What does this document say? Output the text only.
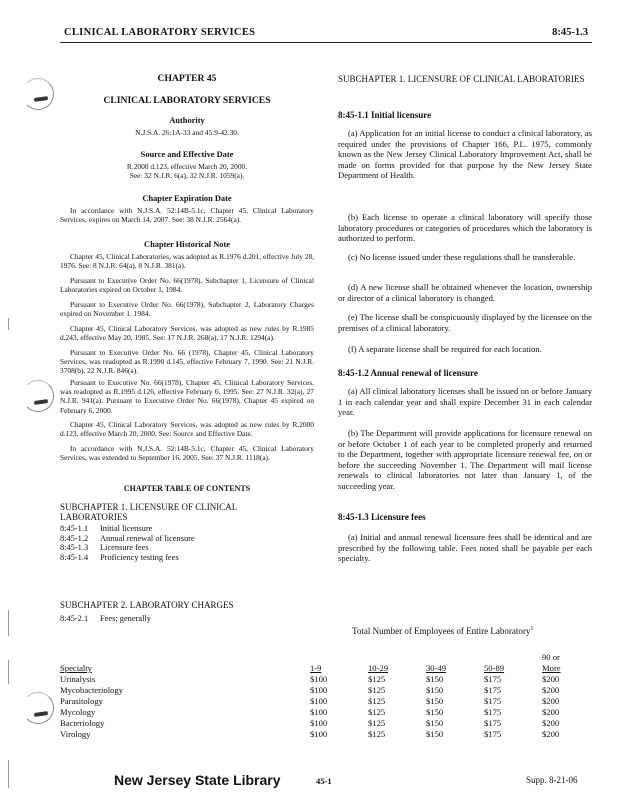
CLINICAL LABORATORY SERVICES	8:45-1.3
CHAPTER 45
CLINICAL LABORATORY SERVICES
Authority
N.J.S.A. 26:1A-33 and 45:9-42.30.
Source and Effective Date
R.2000 d.123, effective March 20, 2000.
See: 32 N.J.R. 6(a), 32 N.J.R. 1059(a).
Chapter Expiration Date
In accordance with N.J.S.A. 52:14B-5.1c, Chapter 45, Clinical Laboratory Services, expires on March 14, 2007. See: 38 N.J.R. 2564(a).
Chapter Historical Note
Chapter 45, Clinical Laboratories, was adopted as R.1976 d.201, effective July 28, 1976. See: 8 N.J.R. 64(a), 8 N.J.R. 381(a).
Pursuant to Executive Order No. 66(1978), Subchapter 1, Licensure of Clinical Laboratories expired on October 1, 1984.
Pursuant to Executive Order No. 66(1978), Subchapter 2, Laboratory Charges expired on November 1, 1984.
Chapter 45, Clinical Laboratory Services, was adopted as new rules by R.1985 d.243, effective May 20, 1985. See: 17 N.J.R. 268(a), 17 N.J.R. 1294(a).
Pursuant to Executive Order No. 66 (1978), Chapter 45, Clinical Laboratory Services, was readopted as R.1990 d.145, effective February 7, 1990. See: 21 N.J.R. 3708(b), 22 N.J.R. 846(a).
Pursuant to Executive No. 66(1978), Chapter 45, Clinical Laboratory Services, was readopted as R.1995 d.126, effective February 6, 1995. See: 27 N.J.R. 32(a), 27 N.J.R. 941(a). Pursuant to Executive Order No. 66(1978), Chapter 45 expired on February 6, 2000.
Chapter 45, Clinical Laboratory Services, was adopted as new rules by R.2000 d.123, effective March 20, 2000. See: Source and Effective Date.
In accordance with N.J.S.A. 52:14B-5.1c, Chapter 45, Clinical Laboratory Services, was extended to September 16, 2005. See: 37 N.J.R. 1118(a).
CHAPTER TABLE OF CONTENTS
SUBCHAPTER 1. LICENSURE OF CLINICAL LABORATORIES
8:45-1.1	Initial licensure
8:45-1.2	Annual renewal of licensure
8:45-1.3	Licensure fees
8:45-1.4	Proficiency testing fees
SUBCHAPTER 2. LABORATORY CHARGES
8:45-2.1	Fees; generally
SUBCHAPTER 1. LICENSURE OF CLINICAL LABORATORIES
8:45-1.1 Initial licensure
(a) Application for an initial license to conduct a clinical laboratory, as required under the provisions of Chapter 166, P.L. 1975, commonly known as the New Jersey Clinical Laboratory Improvement Act, shall be made on forms provided for that purpose by the New Jersey State Department of Health.
(b) Each license to operate a clinical laboratory will specify those laboratory procedures or categories of procedures which the laboratory is authorized to perform.
(c) No license issued under these regulations shall be transferable.
(d) A new license shall be obtained whenever the location, ownership or director of a clinical laboratory is changed.
(e) The license shall be conspicuously displayed by the licensee on the premises of a clinical laboratory.
(f) A separate license shall be required for each location.
8:45-1.2 Annual renewal of licensure
(a) All clinical laboratory licenses shall be issued on or before January 1 in each calendar year and shall expire December 31 in each calendar year.
(b) The Department will provide applications for licensure renewal on or before October 1 of each year to be completed properly and returned to the Department, together with appropriate licensure renewal fee, on or before the succeeding November 1. The Department will mail license renewals to clinical laboratories not later than January 1, of the succeeding year.
8:45-1.3 Licensure fees
(a) Initial and annual renewal licensure fees shall be identical and are prescribed by the following table. Fees noted shall be payable per each specialty.
Total Number of Employees of Entire Laboratory$^1$
					90 or
Specialty	1-9	10-29	30-49	50-89	More
Urinalysis	$100	$125	$150	$175	$200
Mycobacteriology	$100	$125	$150	$175	$200
Parasitology	$100	$125	$150	$175	$200
Mycology	$100	$125	$150	$175	$200
Bacteriology	$100	$125	$150	$175	$200
Virology	$100	$125	$150	$175	$200
New Jersey State Library	45-1	Supp. 8-21-06
